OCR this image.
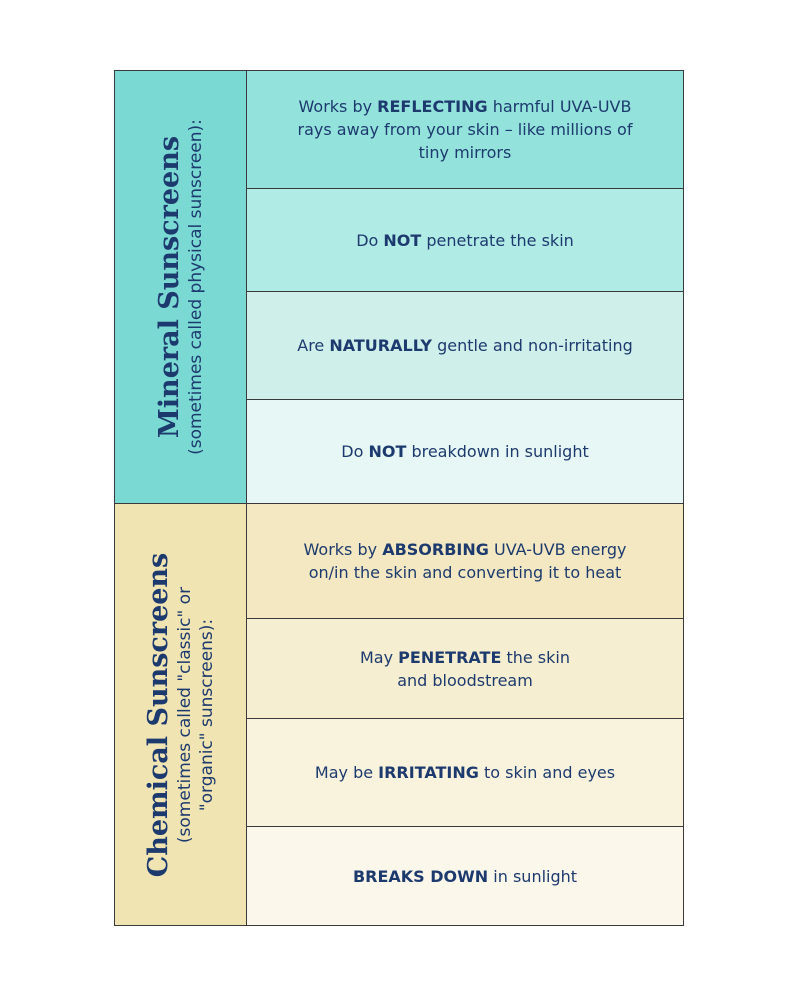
Mineral Sunscreens (sometimes called physical sunscreen):
Works by REFLECTING harmful UVA-UVB rays away from your skin – like millions of tiny mirrors
Do NOT penetrate the skin
Are NATURALLY gentle and non-irritating
Do NOT breakdown in sunlight
Chemical Sunscreens (sometimes called "classic" or "organic" sunscreens):
Works by ABSORBING UVA-UVB energy on/in the skin and converting it to heat
May PENETRATE the skin and bloodstream
May be IRRITATING to skin and eyes
BREAKS DOWN in sunlight
